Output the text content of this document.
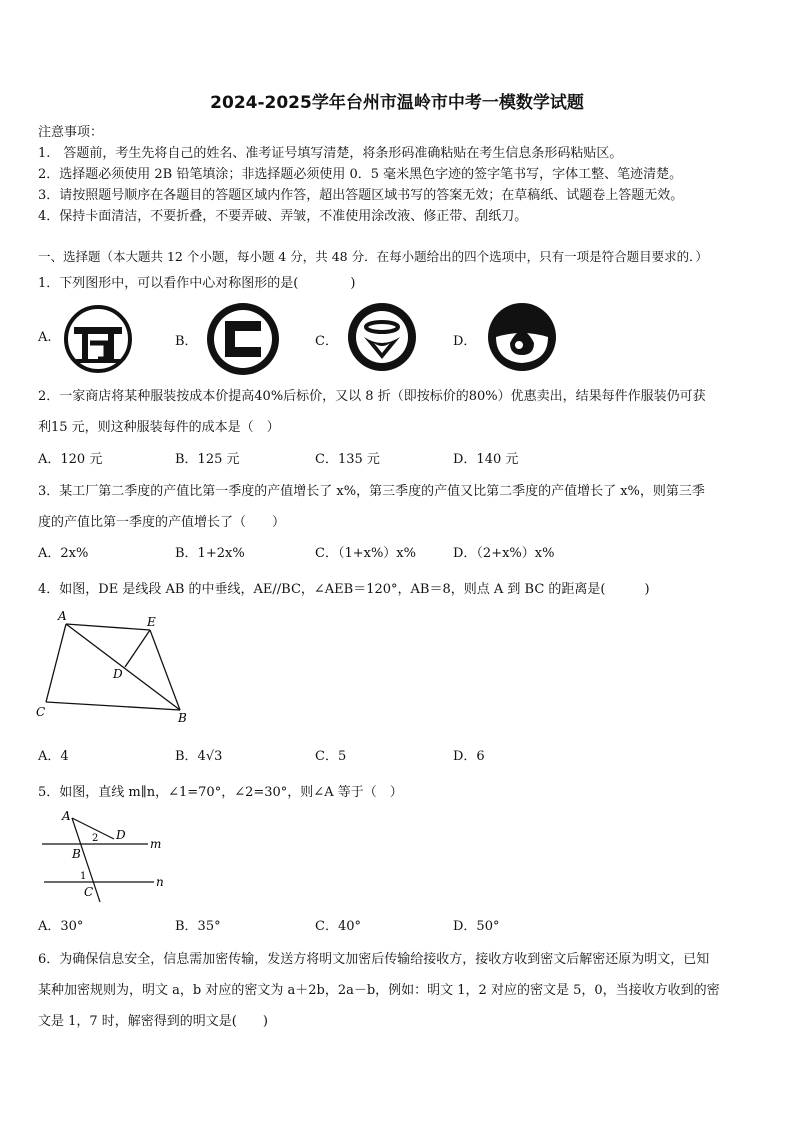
2024-2025学年台州市温岭市中考一模数学试题
注意事项：
1.　答题前，考生先将自己的姓名、准考证号填写清楚，将条形码准确粘贴在考生信息条形码粘贴区。
2．选择题必须使用 2B 铅笔填涂；非选择题必须使用 0．5 毫米黑色字迹的签字笔书写，字体工整、笔迹清楚。
3．请按照题号顺序在各题目的答题区域内作答，超出答题区域书写的答案无效；在草稿纸、试题卷上答题无效。
4．保持卡面清洁，不要折叠，不要弄破、弄皱，不准使用涂改液、修正带、刮纸刀。
一、选择题（本大题共 12 个小题，每小题 4 分，共 48 分．在每小题给出的四个选项中，只有一项是符合题目要求的．）
1．下列图形中，可以看作中心对称图形的是(　　　　)
A.	B．	C．	D．
2．一家商店将某种服装按成本价提高40%后标价，又以 8 折（即按标价的80%）优惠卖出，结果每件作服装仍可获
利15 元，则这种服装每件的成本是（　）
A．120 元	B．125 元	C．135 元	D．140 元
3．某工厂第二季度的产值比第一季度的产值增长了 x%，第三季度的产值又比第二季度的产值增长了 x%，则第三季
度的产值比第一季度的产值增长了（　　）
A．2x%	B．1+2x%	C．（1+x%）x%	D．（2+x%）x%
4．如图，DE 是线段 AB 的中垂线，AE//BC，∠AEB＝120°，AB＝8，则点 A 到 BC 的距离是(　　　)
A	E
D
C	B
A．4	B．4√3	C．5	D．6
5．如图，直线 m∥n，∠1=70°，∠2=30°，则∠A 等于（　）
A
D
B
C
m
n
2
1
A．30°	B．35°	C．40°	D．50°
6．为确保信息安全，信息需加密传输，发送方将明文加密后传输给接收方，接收方收到密文后解密还原为明文，已知
某种加密规则为，明文 a，b 对应的密文为 a＋2b，2a－b，例如：明文 1，2 对应的密文是 5，0，当接收方收到的密
文是 1，7 时，解密得到的明文是(　　)
